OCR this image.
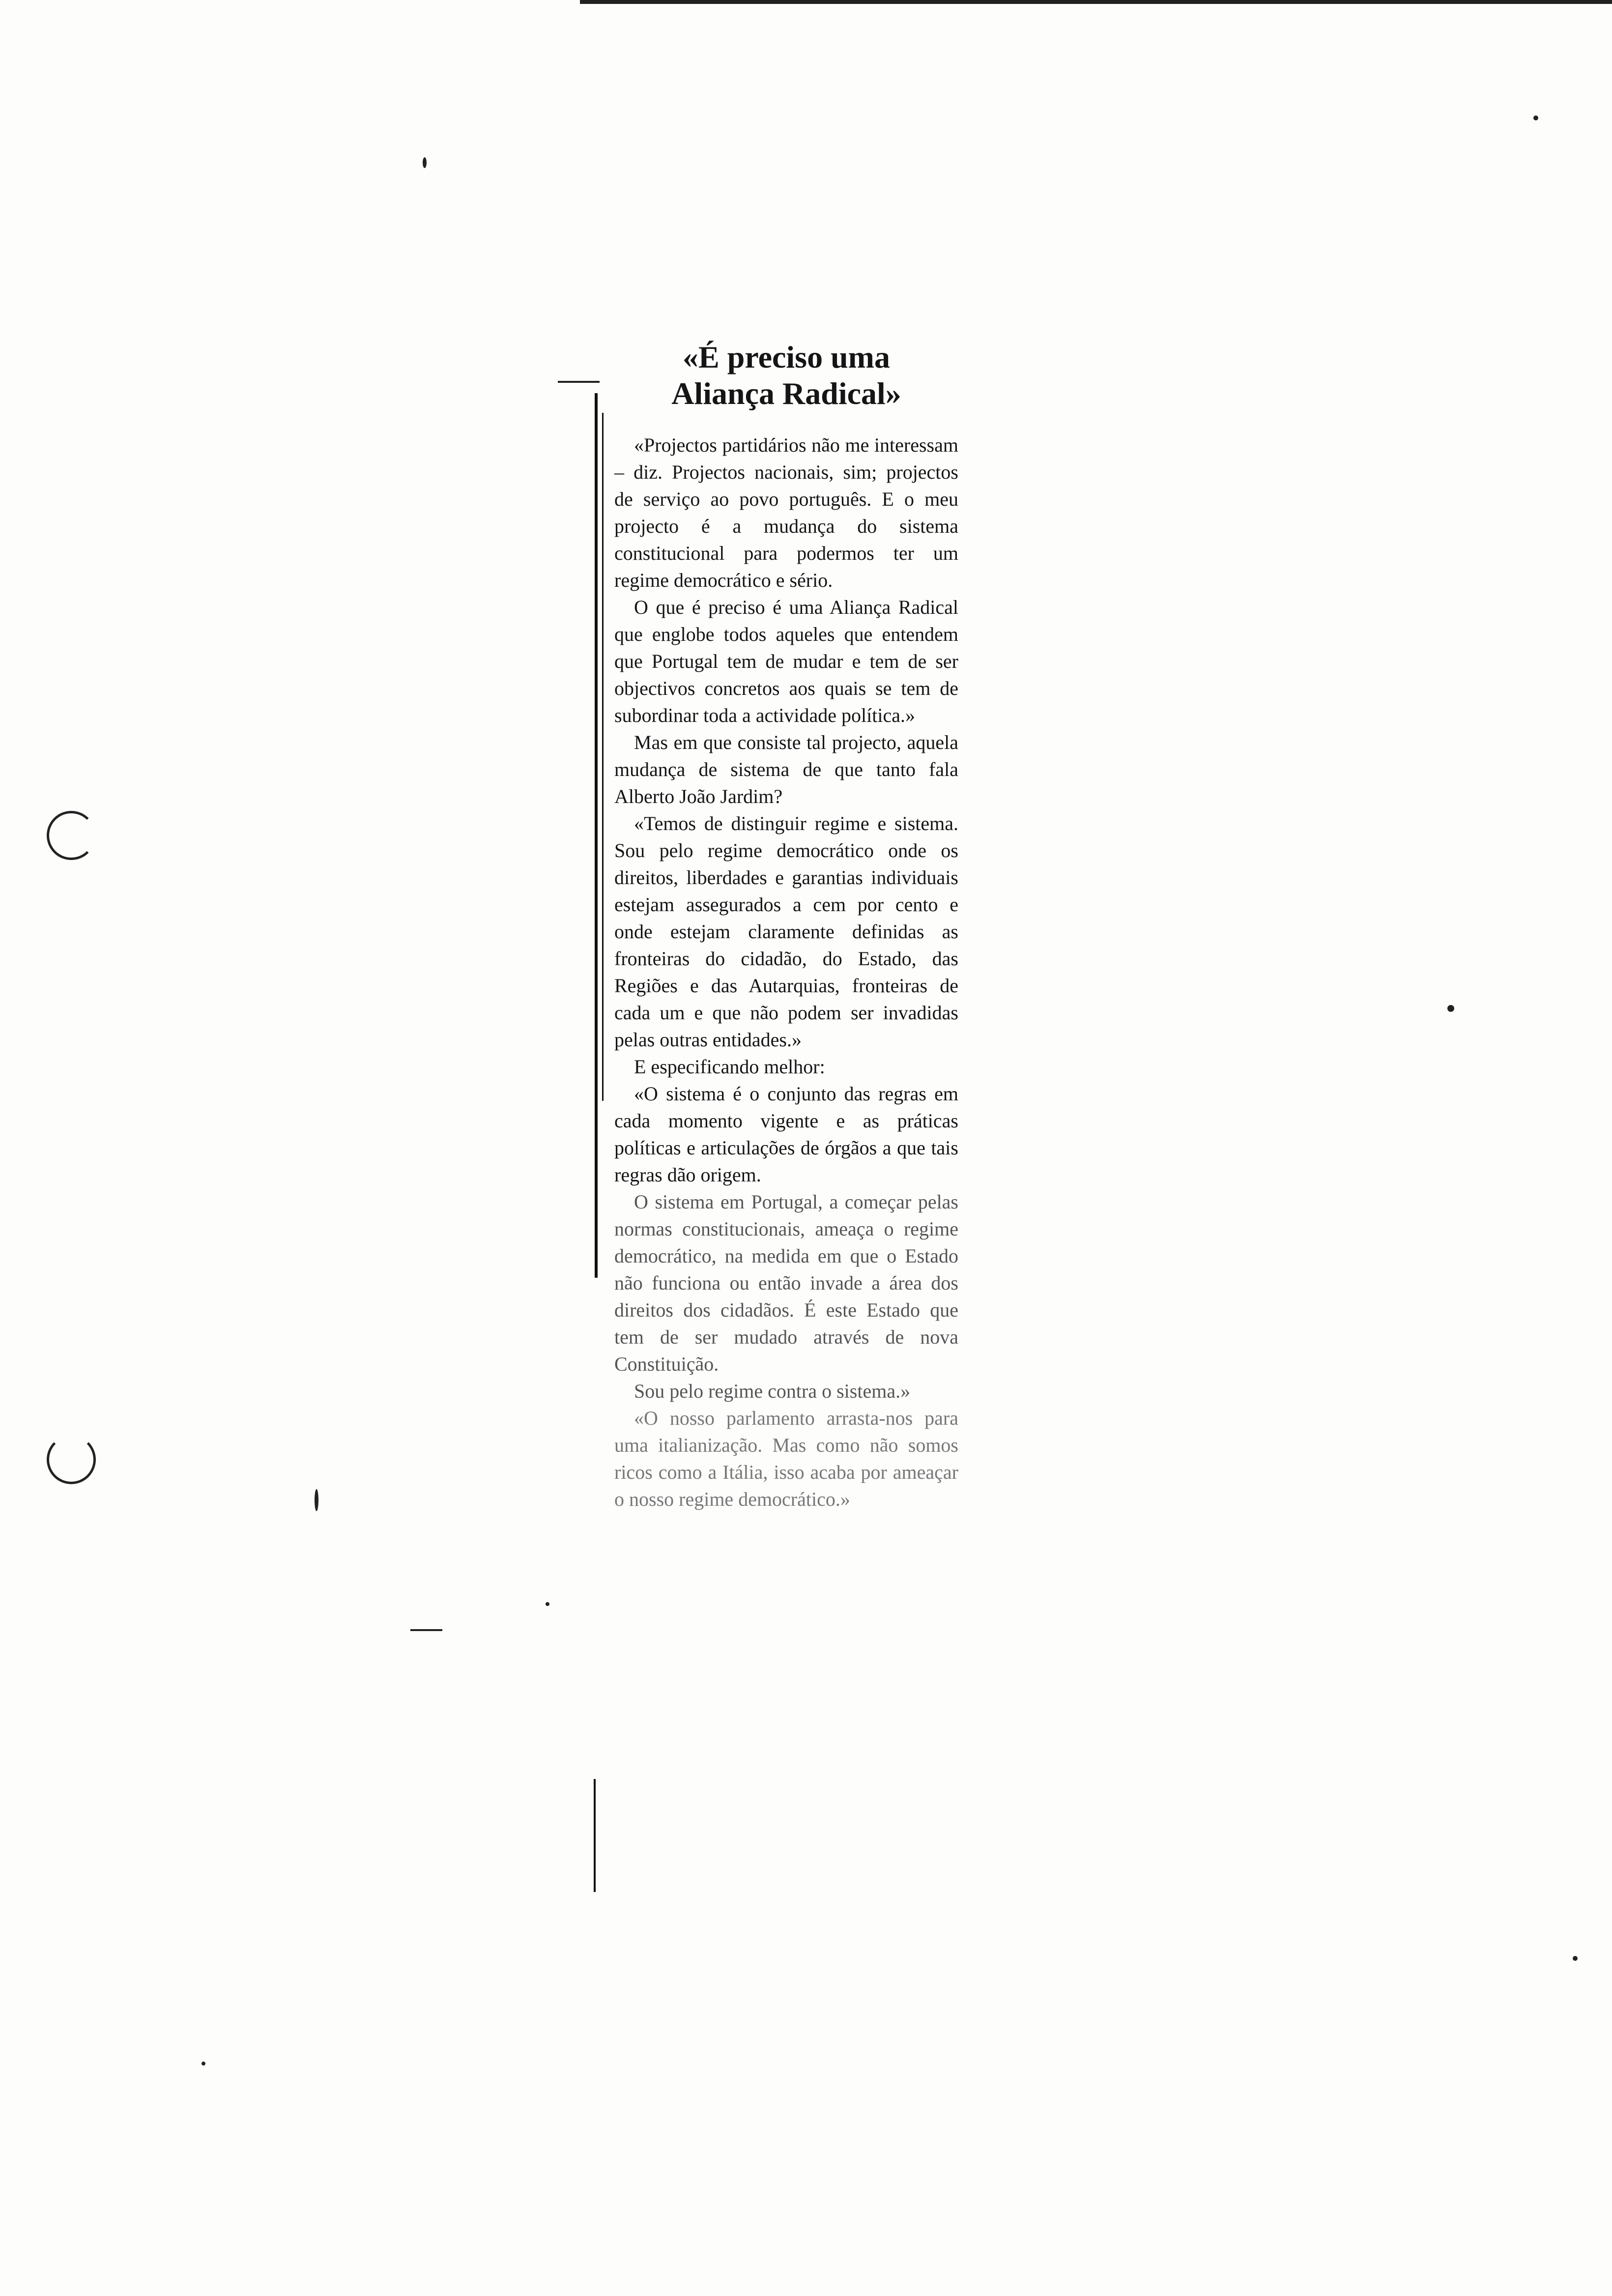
«É preciso uma
Aliança Radical»

«Projectos partidários não me interessam – diz. Projectos nacionais, sim; projectos de serviço ao povo português. E o meu projecto é a mudança do sistema constitucional para podermos ter um regime democrático e sério.

O que é preciso é uma Aliança Radical que englobe todos aqueles que entendem que Portugal tem de mudar e tem de ser objectivos concretos aos quais se tem de subordinar toda a actividade política.»

Mas em que consiste tal projecto, aquela mudança de sistema de que tanto fala Alberto João Jardim?

«Temos de distinguir regime e sistema. Sou pelo regime democrático onde os direitos, liberdades e garantias individuais estejam assegurados a cem por cento e onde estejam claramente definidas as fronteiras do cidadão, do Estado, das Regiões e das Autarquias, fronteiras de cada um e que não podem ser invadidas pelas outras entidades.»

E especificando melhor:

«O sistema é o conjunto das regras em cada momento vigente e as práticas políticas e articulações de órgãos a que tais regras dão origem.

O sistema em Portugal, a começar pelas normas constitucionais, ameaça o regime democrático, na medida em que o Estado não funciona ou então invade a área dos direitos dos cidadãos. É este Estado que tem de ser mudado através de nova Constituição.

Sou pelo regime contra o sistema.»

«O nosso parlamento arrasta-nos para uma italianização. Mas como não somos ricos como a Itália, isso acaba por ameaçar o nosso regime democrático.»
